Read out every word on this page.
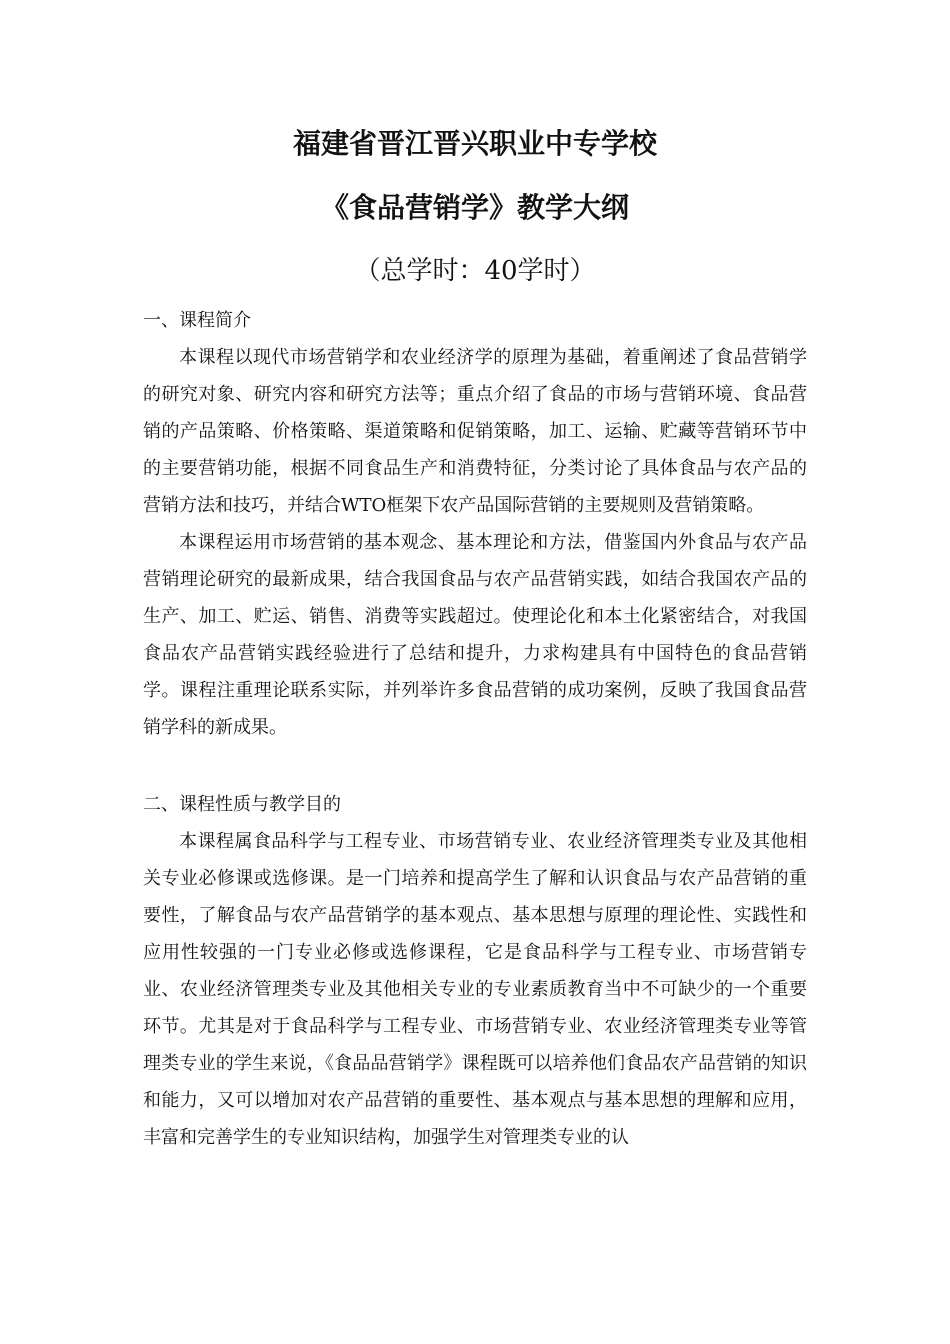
福建省晋江晋兴职业中专学校
《食品营销学》教学大纲
（总学时：40学时）

一、课程简介

本课程以现代市场营销学和农业经济学的原理为基础，着重阐述了食品营销学的研究对象、研究内容和研究方法等；重点介绍了食品的市场与营销环境、食品营销的产品策略、价格策略、渠道策略和促销策略，加工、运输、贮藏等营销环节中的主要营销功能，根据不同食品生产和消费特征，分类讨论了具体食品与农产品的营销方法和技巧，并结合WTO框架下农产品国际营销的主要规则及营销策略。

本课程运用市场营销的基本观念、基本理论和方法，借鉴国内外食品与农产品营销理论研究的最新成果，结合我国食品与农产品营销实践，如结合我国农产品的生产、加工、贮运、销售、消费等实践超过。使理论化和本土化紧密结合，对我国食品农产品营销实践经验进行了总结和提升，力求构建具有中国特色的食品营销学。课程注重理论联系实际，并列举许多食品营销的成功案例，反映了我国食品营销学科的新成果。

二、课程性质与教学目的

本课程属食品科学与工程专业、市场营销专业、农业经济管理类专业及其他相关专业必修课或选修课。是一门培养和提高学生了解和认识食品与农产品营销的重要性，了解食品与农产品营销学的基本观点、基本思想与原理的理论性、实践性和应用性较强的一门专业必修或选修课程，它是食品科学与工程专业、市场营销专业、农业经济管理类专业及其他相关专业的专业素质教育当中不可缺少的一个重要环节。尤其是对于食品科学与工程专业、市场营销专业、农业经济管理类专业等管理类专业的学生来说，《食品品营销学》课程既可以培养他们食品农产品营销的知识和能力，又可以增加对农产品营销的重要性、基本观点与基本思想的理解和应用，丰富和完善学生的专业知识结构，加强学生对管理类专业的认
